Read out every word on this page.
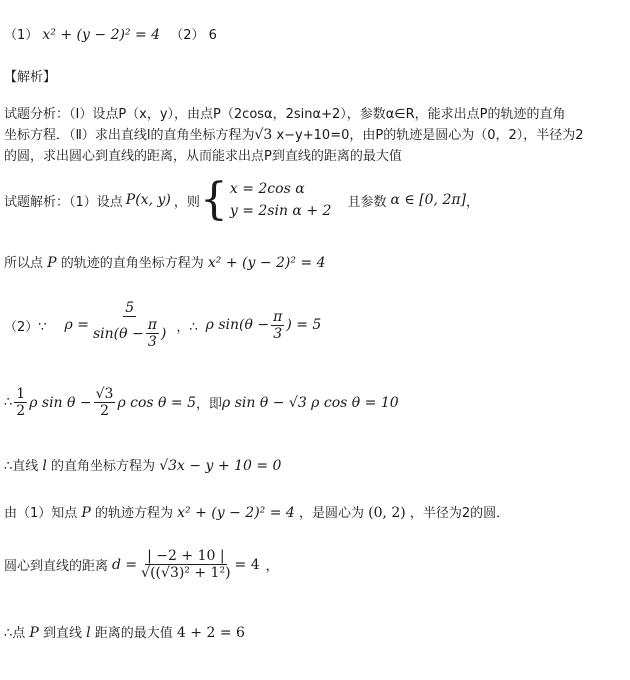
（1） x² + (y − 2)² = 4 （2） 6
【解析】
试题分析：（Ⅰ）设点P（x，y），由点P（2cosα，2sinα+2），参数α∈R，能求出点P的轨迹的直角
坐标方程．（Ⅱ）求出直线l的直角坐标方程为√3 x−y+10=0，由P的轨迹是圆心为（0，2），半径为2
的圆，求出圆心到直线的距离，从而能求出点P到直线的距离的最大值
试题解析：（1）设点 P(x, y) ，则 { x = 2cos α
y = 2sin α + 2
且参数 α ∈ [0, 2π] ，
所以点 P 的轨迹的直角坐标方程为 x² + (y − 2)² = 4
（2）∵ $\rho = \frac{5}{\sin(\theta - \frac{\pi}{3} )}$ ，∴ ρ $\sin(\theta - \frac{\pi}{3}$ ) = 5
∴ $\frac{1}{2}$ ρ $\sin \theta - \frac{√3}{2}$ ρ cos θ = 5 ，即 ρ sin θ − √3 ρ cos θ = 10
∴直线 l 的直角坐标方程为 √3x − y + 10 = 0
由（1）知点 P 的轨迹方程为 x² + (y − 2)² = 4 ，是圆心为 (0, 2) ，半径为2的圆．
圆心到直线的距离 $d = \frac{| -2 + 10 |}{\text{√((√3)² + 1²)}} = 4$ ，
∴点 P 到直线 l 距离的最大值 4 + 2 = 6
